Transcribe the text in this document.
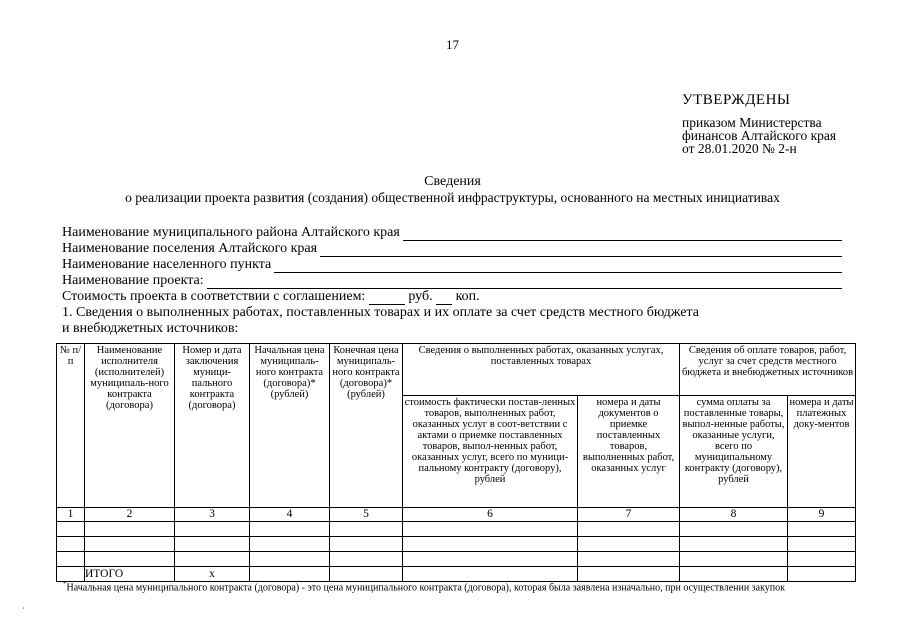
17
УТВЕРЖДЕНЫ
приказом Министерства
финансов Алтайского края
от 28.01.2020 № 2-н
Сведения
о реализации проекта развития (создания) общественной инфраструктуры, основанного на местных инициативах
Наименование муниципального района Алтайского края
Наименование поселения Алтайского края
Наименование населенного пункта
Наименование проекта:
Стоимость проекта в соответствии с соглашением:	руб. коп.
1. Сведения о выполненных работах, поставленных товарах и их оплате за счет средств местного бюджета
и внебюджетных источников:
№ п/п	Наименование исполнителя (исполнителей) муниципаль-ного контракта (договора)	Номер и дата заключения муници-пального контракта (договора)	Начальная цена муниципаль-ного контракта (договора)* (рублей)	Конечная цена муниципаль-ного контракта (договора)* (рублей)	Сведения о выполненных работах, оказанных услугах, поставленных товарах		Сведения об оплате товаров, работ, услуг за счет средств местного бюджета и внебюджетных источников	
					стоимость фактически постав-ленных товаров, выполненных работ, оказанных услуг в соот-ветствии с актами о приемке поставленных товаров, выпол-ненных работ, оказанных услуг, всего по муници-пальному контракту (договору), рублей	номера и даты документов о приемке поставленных товаров, выполненных работ, оказанных услуг	сумма оплаты за поставленные товары, выпол-ненные работы, оказанные услуги, всего по муниципальному контракту (договору), рублей	номера и даты платежных доку-ментов
1	2	3	4	5	6	7	8	9

	ИТОГО	х						
*Начальная цена муниципального контракта (договора) - это цена муниципального контракта (договора), которая была заявлена изначально, при осуществлении закупок
·
